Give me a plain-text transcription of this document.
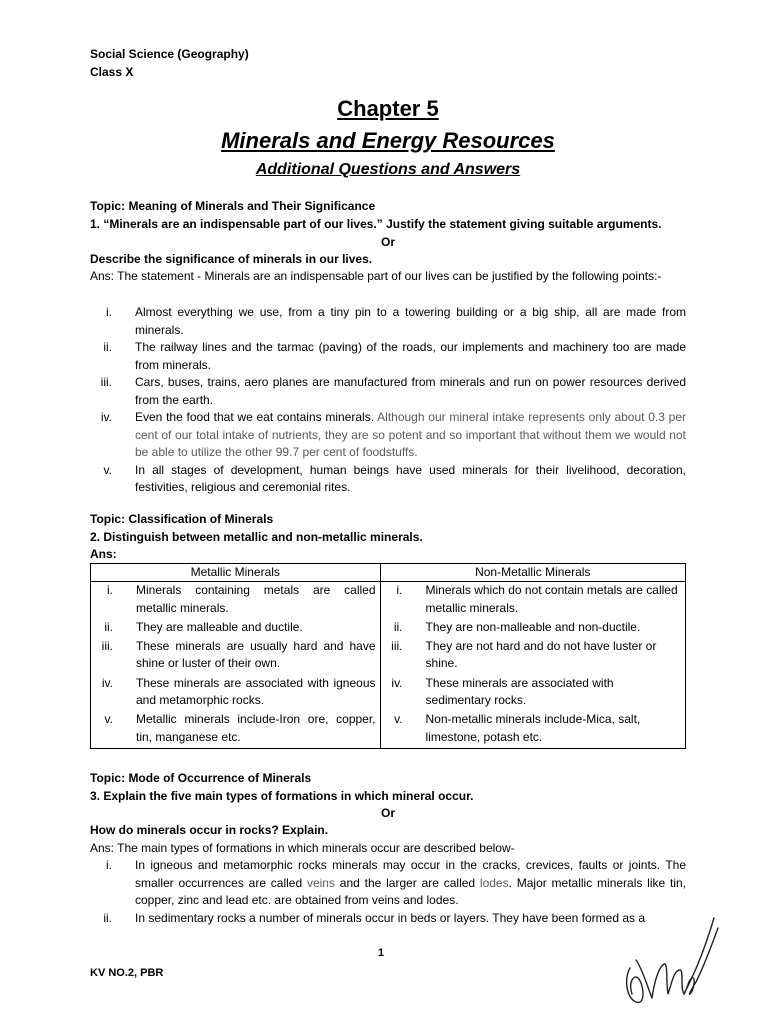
Social Science (Geography)
Class X
Chapter 5
Minerals and Energy Resources
Additional Questions and Answers
Topic: Meaning of Minerals and Their Significance
1. “Minerals are an indispensable part of our lives.” Justify the statement giving suitable arguments.
Or
Describe the significance of minerals in our lives.
Ans: The statement - Minerals are an indispensable part of our lives can be justified by the following points:-
i. Almost everything we use, from a tiny pin to a towering building or a big ship, all are made from minerals.
ii. The railway lines and the tarmac (paving) of the roads, our implements and machinery too are made from minerals.
iii. Cars, buses, trains, aero planes are manufactured from minerals and run on power resources derived from the earth.
iv. Even the food that we eat contains minerals. Although our mineral intake represents only about 0.3 per cent of our total intake of nutrients, they are so potent and so important that without them we would not be able to utilize the other 99.7 per cent of foodstuffs.
v. In all stages of development, human beings have used minerals for their livelihood, decoration, festivities, religious and ceremonial rites.
Topic: Classification of Minerals
2. Distinguish between metallic and non-metallic minerals.
Ans:
Metallic Minerals	Non-Metallic Minerals

i. Minerals containing metals are called metallic minerals.	i. Minerals which do not contain metals are called metallic minerals.

ii. They are malleable and ductile.	ii. They are non-malleable and non-ductile.

iii. These minerals are usually hard and have shine or luster of their own.	iii. They are not hard and do not have luster or shine.

iv. These minerals are associated with igneous and metamorphic rocks.	iv. These minerals are associated with sedimentary rocks.

v. Metallic minerals include-Iron ore, copper, tin, manganese etc.	v. Non-metallic minerals include-Mica, salt, limestone, potash etc.
Topic: Mode of Occurrence of Minerals
3. Explain the five main types of formations in which mineral occur.
Or
How do minerals occur in rocks? Explain.
Ans: The main types of formations in which minerals occur are described below-
i. In igneous and metamorphic rocks minerals may occur in the cracks, crevices, faults or joints. The smaller occurrences are called veins and the larger are called lodes. Major metallic minerals like tin, copper, zinc and lead etc. are obtained from veins and lodes.
ii. In sedimentary rocks a number of minerals occur in beds or layers. They have been formed as a
1
KV NO.2, PBR
